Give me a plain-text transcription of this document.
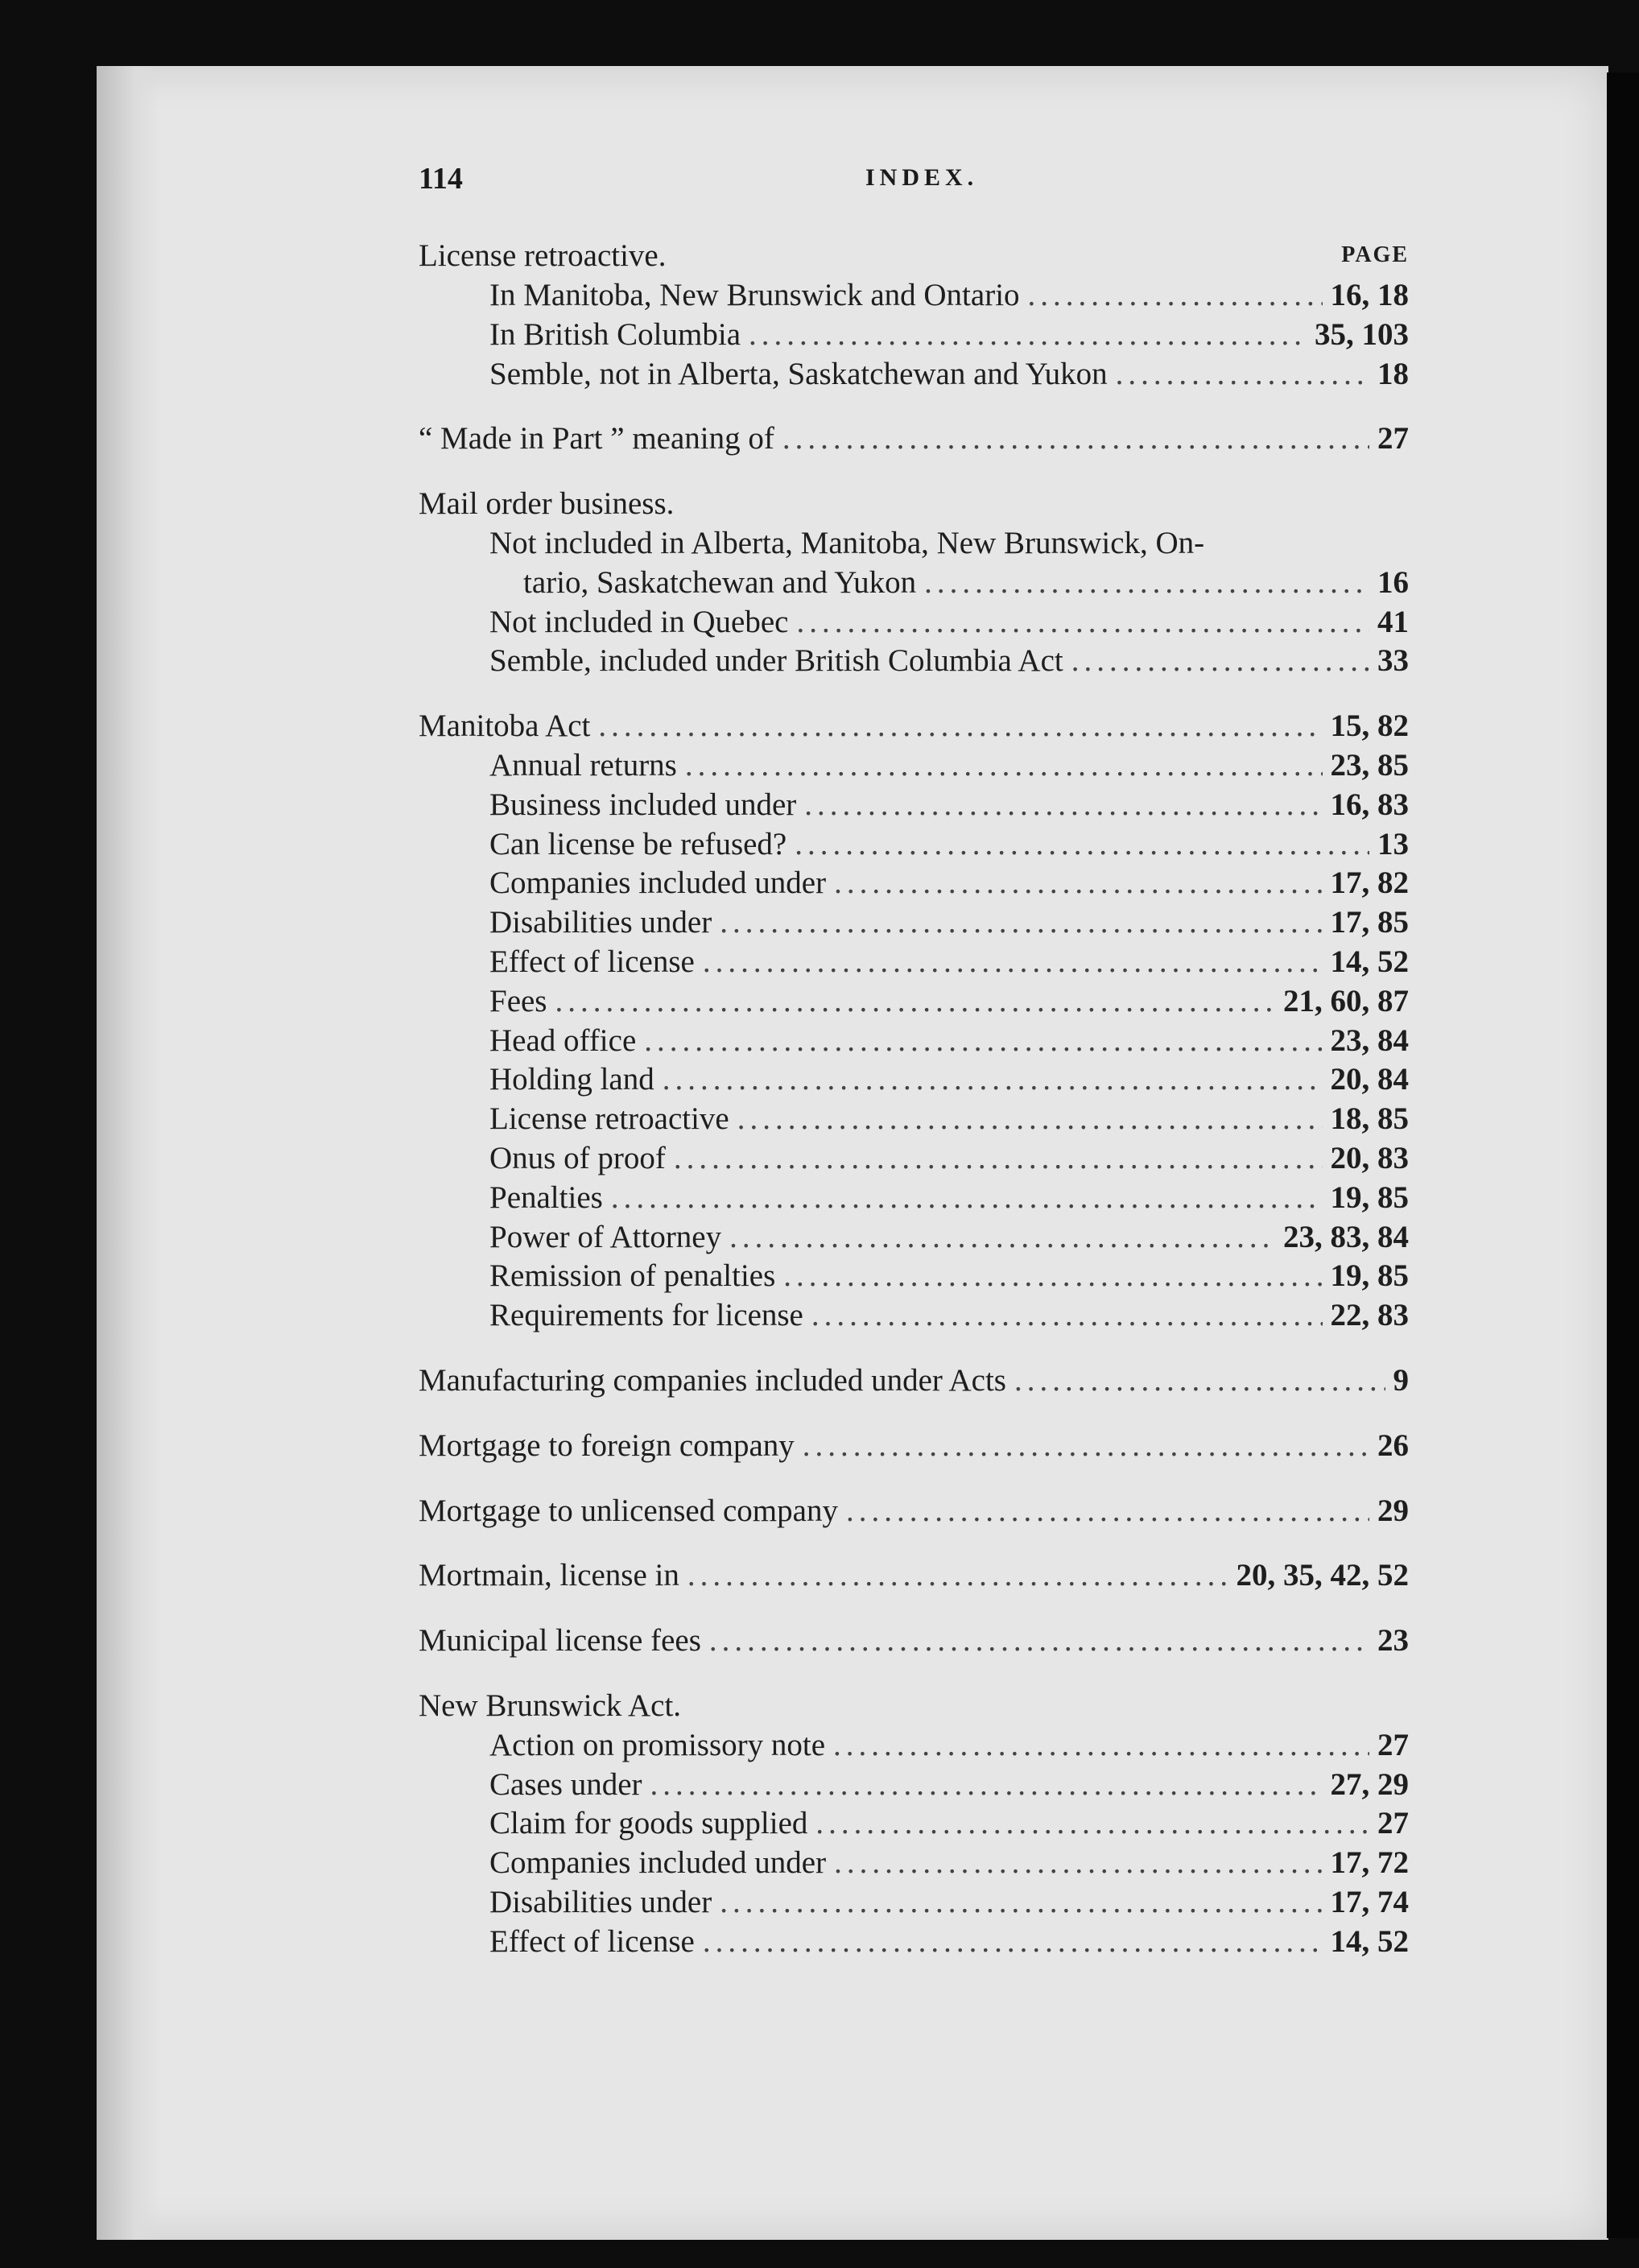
114	INDEX.
License retroactive.	PAGE
In Manitoba, New Brunswick and Ontario .....	16, 18
In British Columbia .....	35, 103
Semble, not in Alberta, Saskatchewan and Yukon .....	18
“ Made in Part ” meaning of .....	27
Mail order business.
Not included in Alberta, Manitoba, New Brunswick, On-
tario, Saskatchewan and Yukon .....	16
Not included in Quebec .....	41
Semble, included under British Columbia Act .....	33
Manitoba Act .....	15, 82
Annual returns .....	23, 85
Business included under .....	16, 83
Can license be refused? .....	13
Companies included under .....	17, 82
Disabilities under .....	17, 85
Effect of license .....	14, 52
Fees .....	21, 60, 87
Head office .....	23, 84
Holding land .....	20, 84
License retroactive .....	18, 85
Onus of proof .....	20, 83
Penalties .....	19, 85
Power of Attorney .....	23, 83, 84
Remission of penalties .....	19, 85
Requirements for license .....	22, 83
Manufacturing companies included under Acts .....	9
Mortgage to foreign company .....	26
Mortgage to unlicensed company .....	29
Mortmain, license in .....	20, 35, 42, 52
Municipal license fees .....	23
New Brunswick Act.
Action on promissory note .....	27
Cases under .....	27, 29
Claim for goods supplied .....	27
Companies included under .....	17, 72
Disabilities under .....	17, 74
Effect of license .....	14, 52
